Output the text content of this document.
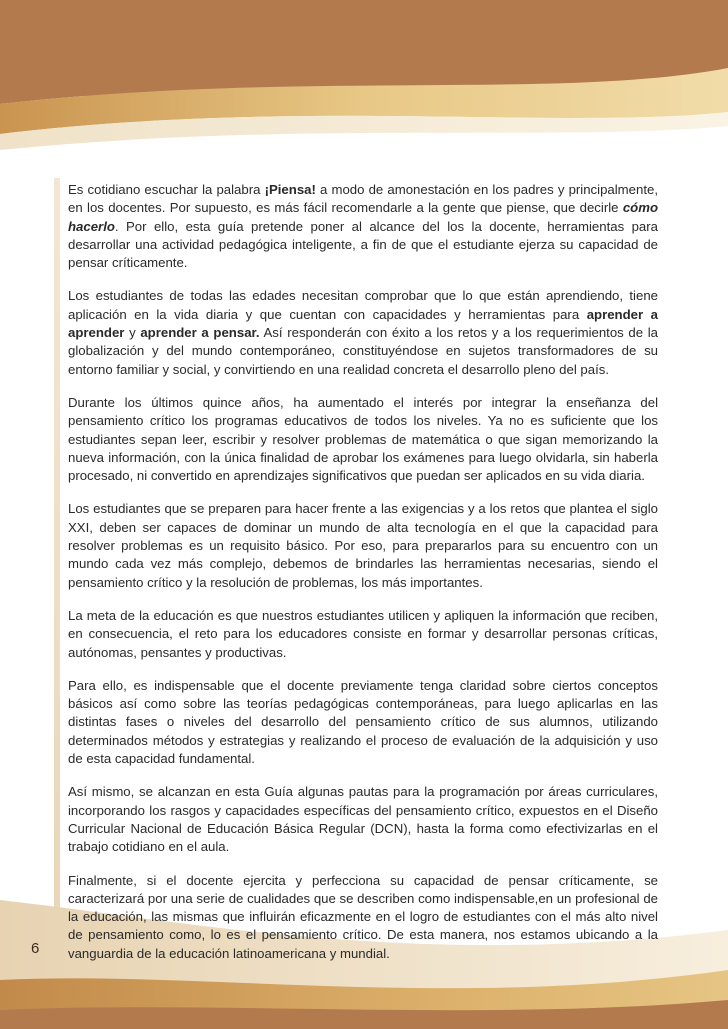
Es cotidiano escuchar la palabra ¡Piensa! a modo de amonestación en los padres y principalmente, en los docentes. Por supuesto, es más fácil recomendarle a la gente que piense, que decirle cómo hacerlo. Por ello, esta guía pretende poner al alcance del los la docente, herramientas para desarrollar una actividad pedagógica inteligente, a fin de que el estudiante ejerza su capacidad de pensar críticamente.

Los estudiantes de todas las edades necesitan comprobar que lo que están aprendiendo, tiene aplicación en la vida diaria y que cuentan con capacidades y herramientas para aprender a aprender y aprender a pensar. Así responderán con éxito a los retos y a los requerimientos de la globalización y del mundo contemporáneo, constituyéndose en sujetos transformadores de su entorno familiar y social, y convirtiendo en una realidad concreta el desarrollo pleno del país.

Durante los últimos quince años, ha aumentado el interés por integrar la enseñanza del pensamiento crítico los programas educativos de todos los niveles. Ya no es suficiente que los estudiantes sepan leer, escribir y resolver problemas de matemática o que sigan memorizando la nueva información, con la única finalidad de aprobar los exámenes para luego olvidarla, sin haberla procesado, ni convertido en aprendizajes significativos que puedan ser aplicados en su vida diaria.

Los estudiantes que se preparen para hacer frente a las exigencias y a los retos que plantea el siglo XXI, deben ser capaces de dominar un mundo de alta tecnología en el que la capacidad para resolver problemas es un requisito básico. Por eso, para prepararlos para su encuentro con un mundo cada vez más complejo, debemos de brindarles las herramientas necesarias, siendo el pensamiento crítico y la resolución de problemas, los más importantes.

La meta de la educación es que nuestros estudiantes utilicen y apliquen la información que reciben, en consecuencia, el reto para los educadores consiste en formar y desarrollar personas críticas, autónomas, pensantes y productivas.

Para ello, es indispensable que el docente previamente tenga claridad sobre ciertos conceptos básicos así como sobre las teorías pedagógicas contemporáneas, para luego aplicarlas en las distintas fases o niveles del desarrollo del pensamiento crítico de sus alumnos, utilizando determinados métodos y estrategias y realizando el proceso de evaluación de la adquisición y uso de esta capacidad fundamental.

Así mismo, se alcanzan en esta Guía algunas pautas para la programación por áreas curriculares, incorporando los rasgos y capacidades específicas del pensamiento crítico, expuestos en el Diseño Curricular Nacional de Educación Básica Regular (DCN), hasta la forma como efectivizarlas en el trabajo cotidiano en el aula.

Finalmente, si el docente ejercita y perfecciona su capacidad de pensar críticamente, se caracterizará por una serie de cualidades que se describen como indispensable,en un profesional de la educación, las mismas que influirán eficazmente en el logro de estudiantes con el más alto nivel de pensamiento como, lo es el pensamiento crítico. De esta manera, nos estamos ubicando a la vanguardia de la educación latinoamericana y mundial.

6
